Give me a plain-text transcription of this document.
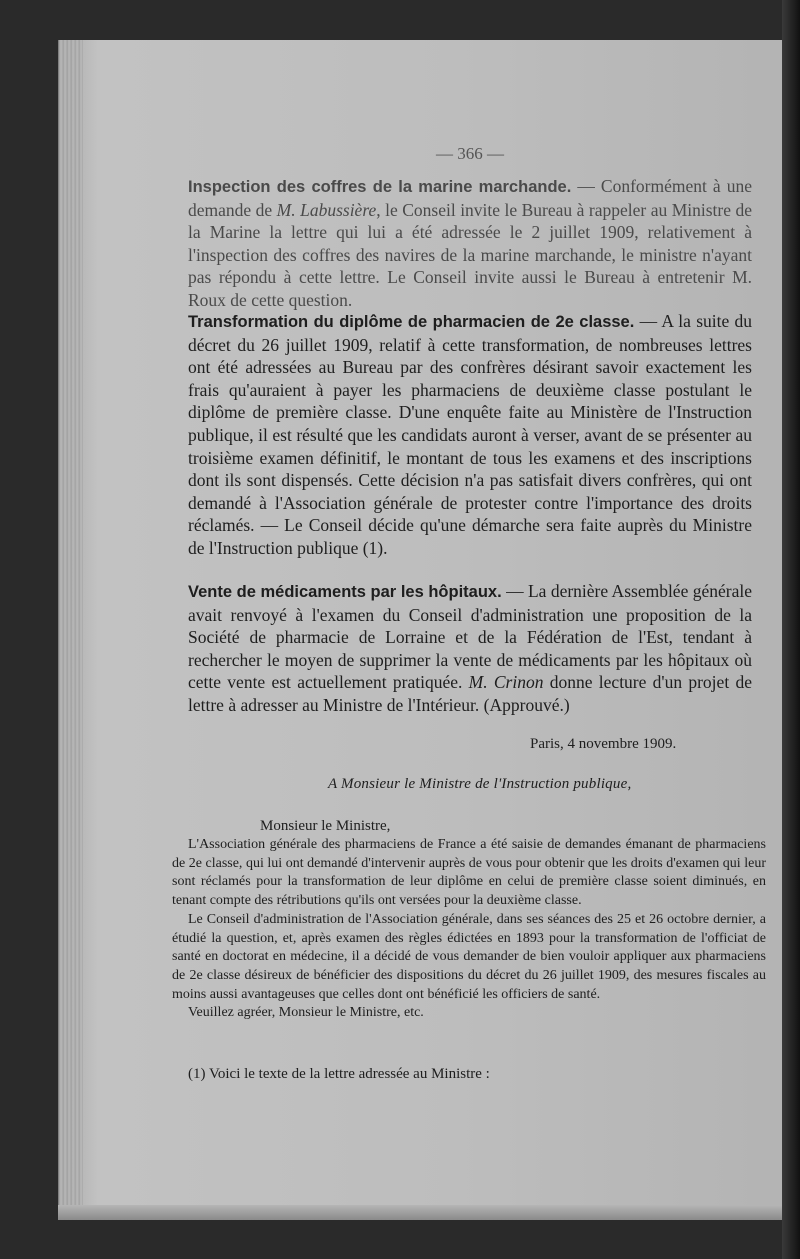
— 366 —
Inspection des coffres de la marine marchande. — Conformément à une demande de M. Labussière, le Conseil invite le Bureau à rappeler au Ministre de la Marine la lettre qui lui a été adressée le 2 juillet 1909, relativement à l'inspection des coffres des navires de la marine marchande, le ministre n'ayant pas répondu à cette lettre. Le Conseil invite aussi le Bureau à entretenir M. Roux de cette question.
Transformation du diplôme de pharmacien de 2e classe. — A la suite du décret du 26 juillet 1909, relatif à cette transformation, de nombreuses lettres ont été adressées au Bureau par des confrères désirant savoir exactement les frais qu'auraient à payer les pharmaciens de deuxième classe postulant le diplôme de première classe. D'une enquête faite au Ministère de l'Instruction publique, il est résulté que les candidats auront à verser, avant de se présenter au troisième examen définitif, le montant de tous les examens et des inscriptions dont ils sont dispensés. Cette décision n'a pas satisfait divers confrères, qui ont demandé à l'Association générale de protester contre l'importance des droits réclamés. — Le Conseil décide qu'une démarche sera faite auprès du Ministre de l'Instruction publique (1).
Vente de médicaments par les hôpitaux. — La dernière Assemblée générale avait renvoyé à l'examen du Conseil d'administration une proposition de la Société de pharmacie de Lorraine et de la Fédération de l'Est, tendant à rechercher le moyen de supprimer la vente de médicaments par les hôpitaux où cette vente est actuellement pratiquée. M. Crinon donne lecture d'un projet de lettre à adresser au Ministre de l'Intérieur. (Approuvé.)
Paris, 4 novembre 1909.
A Monsieur le Ministre de l'Instruction publique,
Monsieur le Ministre,

L'Association générale des pharmaciens de France a été saisie de demandes émanant de pharmaciens de 2e classe, qui lui ont demandé d'intervenir auprès de vous pour obtenir que les droits d'examen qui leur sont réclamés pour la transformation de leur diplôme en celui de première classe soient diminués, en tenant compte des rétributions qu'ils ont versées pour la deuxième classe.

Le Conseil d'administration de l'Association générale, dans ses séances des 25 et 26 octobre dernier, a étudié la question, et, après examen des règles édictées en 1893 pour la transformation de l'officiat de santé en doctorat en médecine, il a décidé de vous demander de bien vouloir appliquer aux pharmaciens de 2e classe désireux de bénéficier des dispositions du décret du 26 juillet 1909, des mesures fiscales au moins aussi avantageuses que celles dont ont bénéficié les officiers de santé.

Veuillez agréer, Monsieur le Ministre, etc.

(1) Voici le texte de la lettre adressée au Ministre :
